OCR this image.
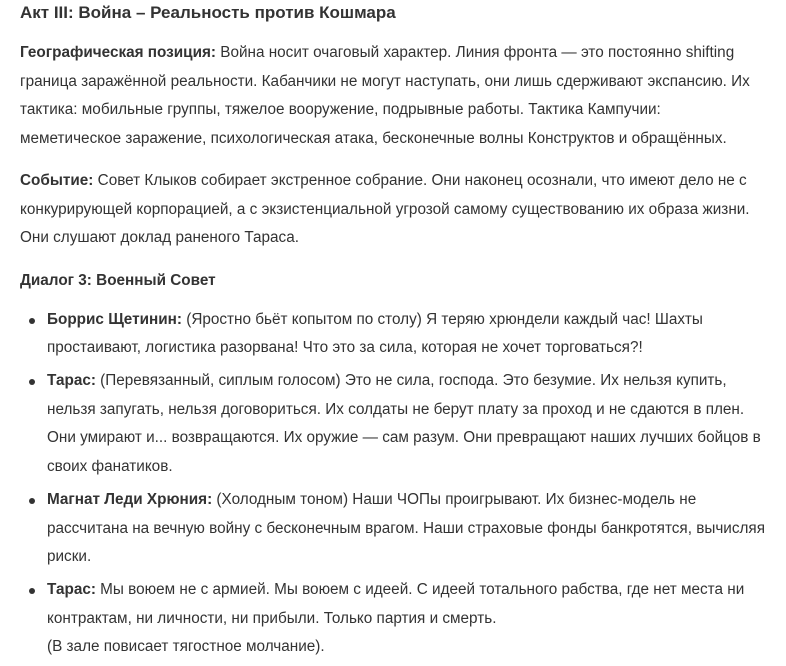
Акт III: Война – Реальность против Кошмара

Географическая позиция: Война носит очаговый характер. Линия фронта — это постоянно shifting граница заражённой реальности. Кабанчики не могут наступать, они лишь сдерживают экспансию. Их тактика: мобильные группы, тяжелое вооружение, подрывные работы. Тактика Кампучии: меметическое заражение, психологическая атака, бесконечные волны Конструктов и обращённых.

Событие: Совет Клыков собирает экстренное собрание. Они наконец осознали, что имеют дело не с конкурирующей корпорацией, а с экзистенциальной угрозой самому существованию их образа жизни. Они слушают доклад раненого Тараса.

Диалог 3: Военный Совет

Боррис Щетинин: (Яростно бьёт копытом по столу) Я теряю хрюндели каждый час! Шахты простаивают, логистика разорвана! Что это за сила, которая не хочет торговаться?!
Тарас: (Перевязанный, сиплым голосом) Это не сила, господа. Это безумие. Их нельзя купить, нельзя запугать, нельзя договориться. Их солдаты не берут плату за проход и не сдаются в плен. Они умирают и... возвращаются. Их оружие — сам разум. Они превращают наших лучших бойцов в своих фанатиков.
Магнат Леди Хрюния: (Холодным тоном) Наши ЧОПы проигрывают. Их бизнес-модель не рассчитана на вечную войну с бесконечным врагом. Наши страховые фонды банкротятся, вычисляя риски.
Тарас: Мы воюем не с армией. Мы воюем с идеей. С идеей тотального рабства, где нет места ни контрактам, ни личности, ни прибыли. Только партия и смерть.
(В зале повисает тягостное молчание).
